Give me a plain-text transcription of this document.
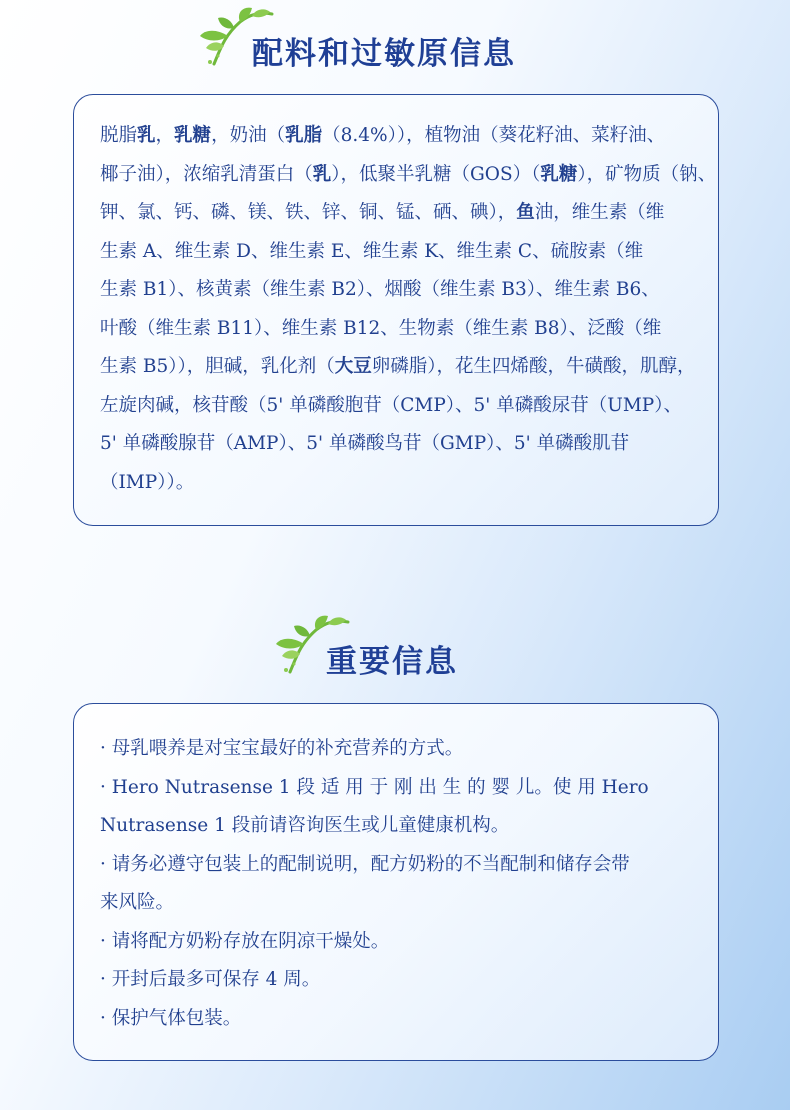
配料和过敏原信息
脱脂乳，乳糖，奶油（乳脂（8.4%）），植物油（葵花籽油、菜籽油、
椰子油），浓缩乳清蛋白（乳），低聚半乳糖（GOS）（乳糖），矿物质（钠、
钾、氯、钙、磷、镁、铁、锌、铜、锰、硒、碘），鱼油，维生素（维
生素 A、维生素 D、维生素 E、维生素 K、维生素 C、硫胺素（维
生素 B1）、核黄素（维生素 B2）、烟酸（维生素 B3）、维生素 B6、
叶酸（维生素 B11）、维生素 B12、生物素（维生素 B8）、泛酸（维
生素 B5）），胆碱，乳化剂（大豆卵磷脂），花生四烯酸，牛磺酸，肌醇，
左旋肉碱，核苷酸（5' 单磷酸胞苷（CMP）、5' 单磷酸尿苷（UMP）、
5' 单磷酸腺苷（AMP）、5' 单磷酸鸟苷（GMP）、5' 单磷酸肌苷
（IMP））。
重要信息
· 母乳喂养是对宝宝最好的补充营养的方式。
· Hero Nutrasense 1 段 适 用 于 刚 出 生 的 婴 儿。使 用 Hero
Nutrasense 1 段前请咨询医生或儿童健康机构。
· 请务必遵守包装上的配制说明，配方奶粉的不当配制和储存会带
来风险。
· 请将配方奶粉存放在阴凉干燥处。
· 开封后最多可保存 4 周。
· 保护气体包装。
